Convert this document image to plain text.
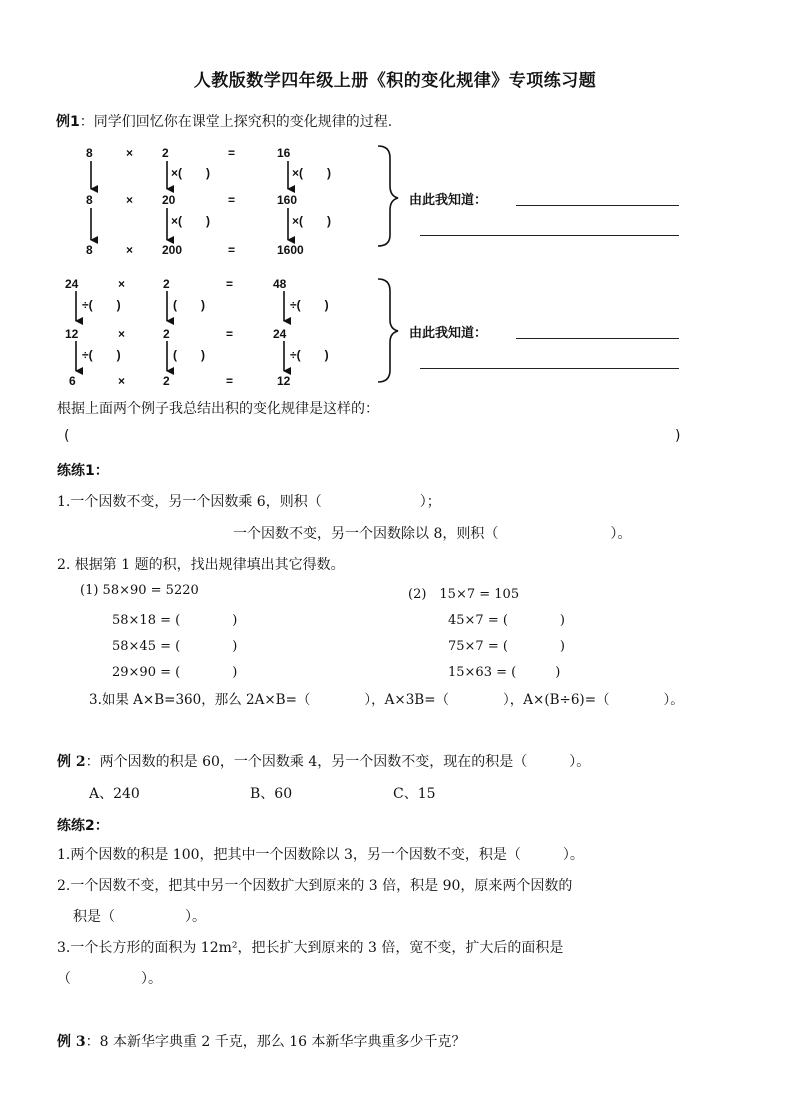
人教版数学四年级上册《积的变化规律》专项练习题
例1：同学们回忆你在课堂上探究积的变化规律的过程.
8	× 2	=	16
×(　　)	×(　　)
8	× 20	=	160
×(　　)	×(　　)
8	× 200	=	1600
由此我知道：
24	×	2	=	48
÷(　　)	(　　)	÷(　　)
12	×	2	=	24
÷(　　)	(　　)	÷(　　)
6	×	2	=	12
由此我知道：
根据上面两个例子我总结出积的变化规律是这样的：
(	)
练练1：
1.一个因数不变，另一个因数乘 6，则积（　　　　　　　）；
一个因数不变，另一个因数除以 8，则积（　　　　　　　　）。
2. 根据第 1 题的积，找出规律填出其它得数。
(1) 58×90 = 5220
58×18 = (　　　　)
58×45 = (　　　　)
29×90 = (　　　　)
(2)　15×7 = 105
45×7 = (　　　　)
75×7 = (　　　　)
15×63 = (　　　)
3.如果 A×B=360，那么 2A×B=（　　　　），A×3B=（　　　　），A×(B÷6)=（　　　　）。
例 2：两个因数的积是 60，一个因数乘 4，另一个因数不变，现在的积是（　　　）。
A、240	B、60	C、15
练练2：
1.两个因数的积是 100，把其中一个因数除以 3，另一个因数不变，积是（　　　）。
2.一个因数不变，把其中另一个因数扩大到原来的 3 倍，积是 90，原来两个因数的
积是（　　　　　）。
3.一个长方形的面积为 12m²，把长扩大到原来的 3 倍，宽不变，扩大后的面积是
（　　　　　）。
例 3：8 本新华字典重 2 千克，那么 16 本新华字典重多少千克？
